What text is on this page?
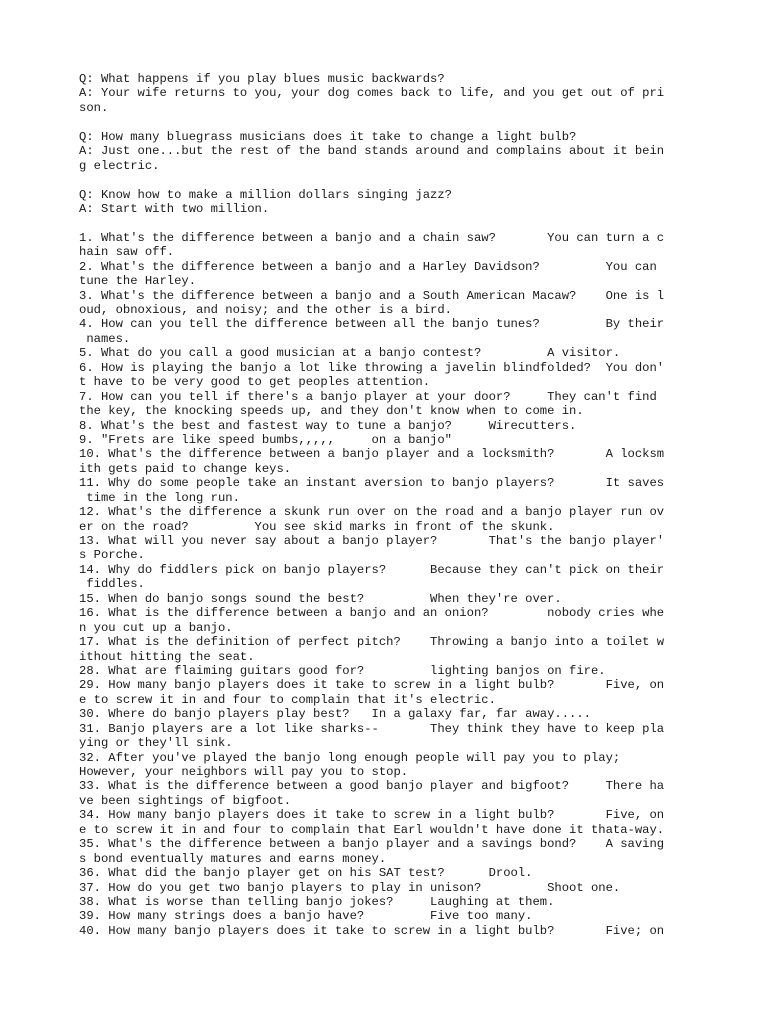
Q: What happens if you play blues music backwards?
A: Your wife returns to you, your dog comes back to life, and you get out of pri
son.
Q: How many bluegrass musicians does it take to change a light bulb?
A: Just one...but the rest of the band stands around and complains about it bein
g electric.
Q: Know how to make a million dollars singing jazz?
A: Start with two million.
1. What's the difference between a banjo and a chain saw?       You can turn a c
hain saw off.
2. What's the difference between a banjo and a Harley Davidson?         You can
tune the Harley.
3. What's the difference between a banjo and a South American Macaw?    One is l
oud, obnoxious, and noisy; and the other is a bird.
4. How can you tell the difference between all the banjo tunes?         By their
names.
5. What do you call a good musician at a banjo contest?         A visitor.
6. How is playing the banjo a lot like throwing a javelin blindfolded?  You don'
t have to be very good to get peoples attention.
7. How can you tell if there's a banjo player at your door?     They can't find
the key, the knocking speeds up, and they don't know when to come in.
8. What's the best and fastest way to tune a banjo?     Wirecutters.
9. "Frets are like speed bumbs,,,,,     on a banjo"
10. What's the difference between a banjo player and a locksmith?       A locksm
ith gets paid to change keys.
11. Why do some people take an instant aversion to banjo players?       It saves
time in the long run.
12. What's the difference a skunk run over on the road and a banjo player run ov
er on the road?         You see skid marks in front of the skunk.
13. What will you never say about a banjo player?       That's the banjo player'
s Porche.
14. Why do fiddlers pick on banjo players?      Because they can't pick on their
fiddles.
15. When do banjo songs sound the best?         When they're over.
16. What is the difference between a banjo and an onion?        nobody cries whe
n you cut up a banjo.
17. What is the definition of perfect pitch?    Throwing a banjo into a toilet w
ithout hitting the seat.
28. What are flaiming guitars good for?         lighting banjos on fire.
29. How many banjo players does it take to screw in a light bulb?       Five, on
e to screw it in and four to complain that it's electric.
30. Where do banjo players play best?   In a galaxy far, far away.....
31. Banjo players are a lot like sharks--       They think they have to keep pla
ying or they'll sink.
32. After you've played the banjo long enough people will pay you to play;
However, your neighbors will pay you to stop.
33. What is the difference between a good banjo player and bigfoot?     There ha
ve been sightings of bigfoot.
34. How many banjo players does it take to screw in a light bulb?       Five, on
e to screw it in and four to complain that Earl wouldn't have done it thata-way.
35. What's the difference between a banjo player and a savings bond?    A saving
s bond eventually matures and earns money.
36. What did the banjo player get on his SAT test?      Drool.
37. How do you get two banjo players to play in unison?         Shoot one.
38. What is worse than telling banjo jokes?     Laughing at them.
39. How many strings does a banjo have?         Five too many.
40. How many banjo players does it take to screw in a light bulb?       Five; on
